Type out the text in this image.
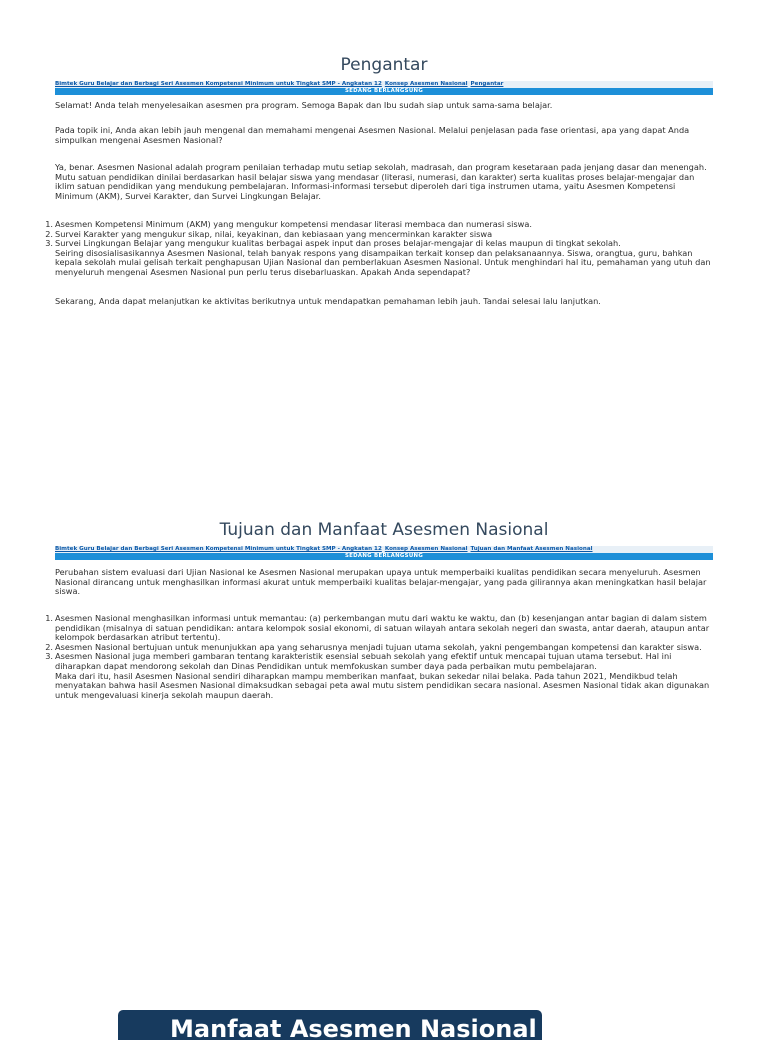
Pengantar
Bimtek Guru Belajar dan Berbagi Seri Asesmen Kompetensi Minimum untuk Tingkat SMP - Angkatan 12 Konsep Asesmen Nasional Pengantar
SEDANG BERLANGSUNG

Selamat! Anda telah menyelesaikan asesmen pra program. Semoga Bapak dan Ibu sudah siap untuk sama-sama belajar.

Pada topik ini, Anda akan lebih jauh mengenal dan memahami mengenai Asesmen Nasional. Melalui penjelasan pada fase orientasi, apa yang dapat Anda simpulkan mengenai Asesmen Nasional?

Ya, benar. Asesmen Nasional adalah program penilaian terhadap mutu setiap sekolah, madrasah, dan program kesetaraan pada jenjang dasar dan menengah. Mutu satuan pendidikan dinilai berdasarkan hasil belajar siswa yang mendasar (literasi, numerasi, dan karakter) serta kualitas proses belajar-mengajar dan iklim satuan pendidikan yang mendukung pembelajaran. Informasi-informasi tersebut diperoleh dari tiga instrumen utama, yaitu Asesmen Kompetensi Minimum (AKM), Survei Karakter, dan Survei Lingkungan Belajar.

1. Asesmen Kompetensi Minimum (AKM) yang mengukur kompetensi mendasar literasi membaca dan numerasi siswa.
2. Survei Karakter yang mengukur sikap, nilai, keyakinan, dan kebiasaan yang mencerminkan karakter siswa
3. Survei Lingkungan Belajar yang mengukur kualitas berbagai aspek input dan proses belajar-mengajar di kelas maupun di tingkat sekolah.
Seiring disosialisasikannya Asesmen Nasional, telah banyak respons yang disampaikan terkait konsep dan pelaksanaannya. Siswa, orangtua, guru, bahkan kepala sekolah mulai gelisah terkait penghapusan Ujian Nasional dan pemberlakuan Asesmen Nasional. Untuk menghindari hal itu, pemahaman yang utuh dan menyeluruh mengenai Asesmen Nasional pun perlu terus disebarluaskan. Apakah Anda sependapat?

Sekarang, Anda dapat melanjutkan ke aktivitas berikutnya untuk mendapatkan pemahaman lebih jauh. Tandai selesai lalu lanjutkan.

Tujuan dan Manfaat Asesmen Nasional
Bimtek Guru Belajar dan Berbagi Seri Asesmen Kompetensi Minimum untuk Tingkat SMP - Angkatan 12 Konsep Asesmen Nasional Tujuan dan Manfaat Asesmen Nasional
SEDANG BERLANGSUNG

Perubahan sistem evaluasi dari Ujian Nasional ke Asesmen Nasional merupakan upaya untuk memperbaiki kualitas pendidikan secara menyeluruh. Asesmen Nasional dirancang untuk menghasilkan informasi akurat untuk memperbaiki kualitas belajar-mengajar, yang pada gilirannya akan meningkatkan hasil belajar siswa.

1. Asesmen Nasional menghasilkan informasi untuk memantau: (a) perkembangan mutu dari waktu ke waktu, dan (b) kesenjangan antar bagian di dalam sistem pendidikan (misalnya di satuan pendidikan: antara kelompok sosial ekonomi, di satuan wilayah antara sekolah negeri dan swasta, antar daerah, ataupun antar kelompok berdasarkan atribut tertentu).
2. Asesmen Nasional bertujuan untuk menunjukkan apa yang seharusnya menjadi tujuan utama sekolah, yakni pengembangan kompetensi dan karakter siswa.
3. Asesmen Nasional juga memberi gambaran tentang karakteristik esensial sebuah sekolah yang efektif untuk mencapai tujuan utama tersebut. Hal ini diharapkan dapat mendorong sekolah dan Dinas Pendidikan untuk memfokuskan sumber daya pada perbaikan mutu pembelajaran.
Maka dari itu, hasil Asesmen Nasional sendiri diharapkan mampu memberikan manfaat, bukan sekedar nilai belaka. Pada tahun 2021, Mendikbud telah menyatakan bahwa hasil Asesmen Nasional dimaksudkan sebagai peta awal mutu sistem pendidikan secara nasional. Asesmen Nasional tidak akan digunakan untuk mengevaluasi kinerja sekolah maupun daerah.
Manfaat Asesmen Nasional
